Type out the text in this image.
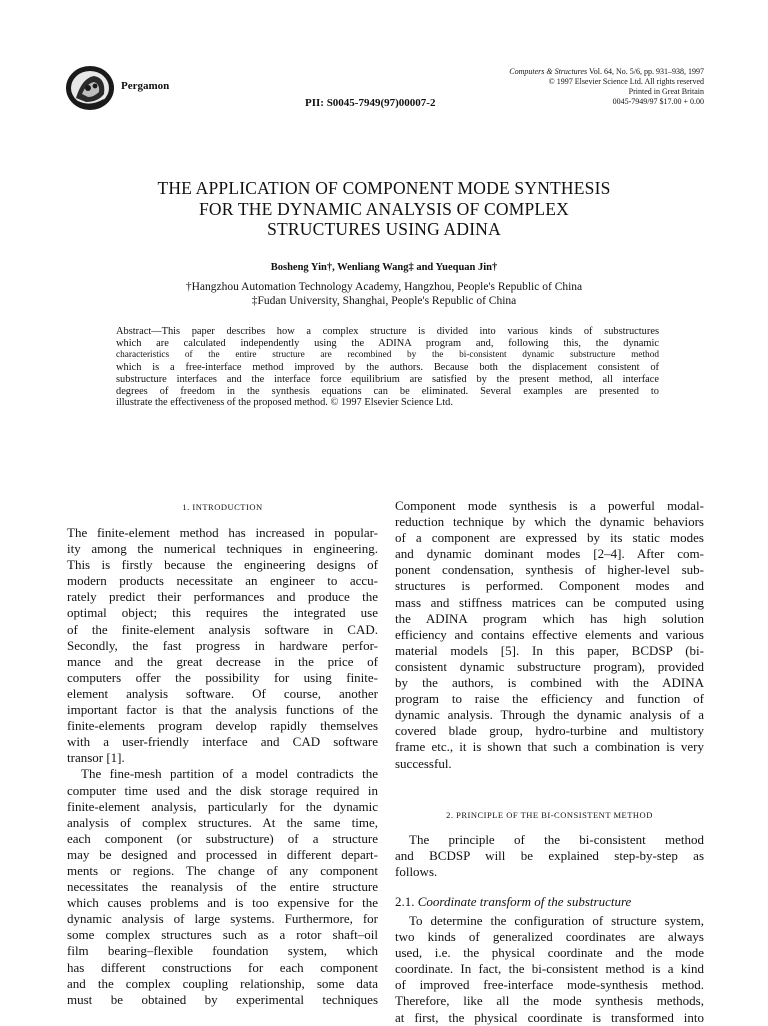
Pergamon
Computers & Structures Vol. 64, No. 5/6, pp. 931–938, 1997
© 1997 Elsevier Science Ltd. All rights reserved
Printed in Great Britain
0045-7949/97 $17.00 + 0.00
PII: S0045-7949(97)00007-2
THE APPLICATION OF COMPONENT MODE SYNTHESIS
FOR THE DYNAMIC ANALYSIS OF COMPLEX
STRUCTURES USING ADINA
Bosheng Yin†, Wenliang Wang‡ and Yuequan Jin†
†Hangzhou Automation Technology Academy, Hangzhou, People's Republic of China
‡Fudan University, Shanghai, People's Republic of China
Abstract—This paper describes how a complex structure is divided into various kinds of substructures
which are calculated independently using the ADINA program and, following this, the dynamic
characteristics of the entire structure are recombined by the bi-consistent dynamic substructure method
which is a free-interface method improved by the authors. Because both the displacement consistent of
substructure interfaces and the interface force equilibrium are satisfied by the present method, all interface
degrees of freedom in the synthesis equations can be eliminated. Several examples are presented to
illustrate the effectiveness of the proposed method. © 1997 Elsevier Science Ltd.
1. INTRODUCTION
The finite-element method has increased in popular-
ity among the numerical techniques in engineering.
This is firstly because the engineering designs of
modern products necessitate an engineer to accu-
rately predict their performances and produce the
optimal object; this requires the integrated use
of the finite-element analysis software in CAD.
Secondly, the fast progress in hardware perfor-
mance and the great decrease in the price of
computers offer the possibility for using finite-
element analysis software. Of course, another
important factor is that the analysis functions of the
finite-elements program develop rapidly themselves
with a user-friendly interface and CAD software
transor [1].
The fine-mesh partition of a model contradicts the
computer time used and the disk storage required in
finite-element analysis, particularly for the dynamic
analysis of complex structures. At the same time,
each component (or substructure) of a structure
may be designed and processed in different depart-
ments or regions. The change of any component
necessitates the reanalysis of the entire structure
which causes problems and is too expensive for the
dynamic analysis of large systems. Furthermore, for
some complex structures such as a rotor shaft–oil
film bearing–flexible foundation system, which
has different constructions for each component
and the complex coupling relationship, some data
must be obtained by experimental techniques
Component mode synthesis is a powerful modal-
reduction technique by which the dynamic behaviors
of a component are expressed by its static modes
and dynamic dominant modes [2–4]. After com-
ponent condensation, synthesis of higher-level sub-
structures is performed. Component modes and
mass and stiffness matrices can be computed using
the ADINA program which has high solution
efficiency and contains effective elements and various
material models [5]. In this paper, BCDSP (bi-
consistent dynamic substructure program), provided
by the authors, is combined with the ADINA
program to raise the efficiency and function of
dynamic analysis. Through the dynamic analysis of a
covered blade group, hydro-turbine and multistory
frame etc., it is shown that such a combination is very
successful.
2. PRINCIPLE OF THE BI-CONSISTENT METHOD
The principle of the bi-consistent method
and BCDSP will be explained step-by-step as
follows.
2.1. Coordinate transform of the substructure
To determine the configuration of structure system,
two kinds of generalized coordinates are always
used, i.e. the physical coordinate and the mode
coordinate. In fact, the bi-consistent method is a kind
of improved free-interface mode-synthesis method.
Therefore, like all the mode synthesis methods,
at first, the physical coordinate is transformed into
